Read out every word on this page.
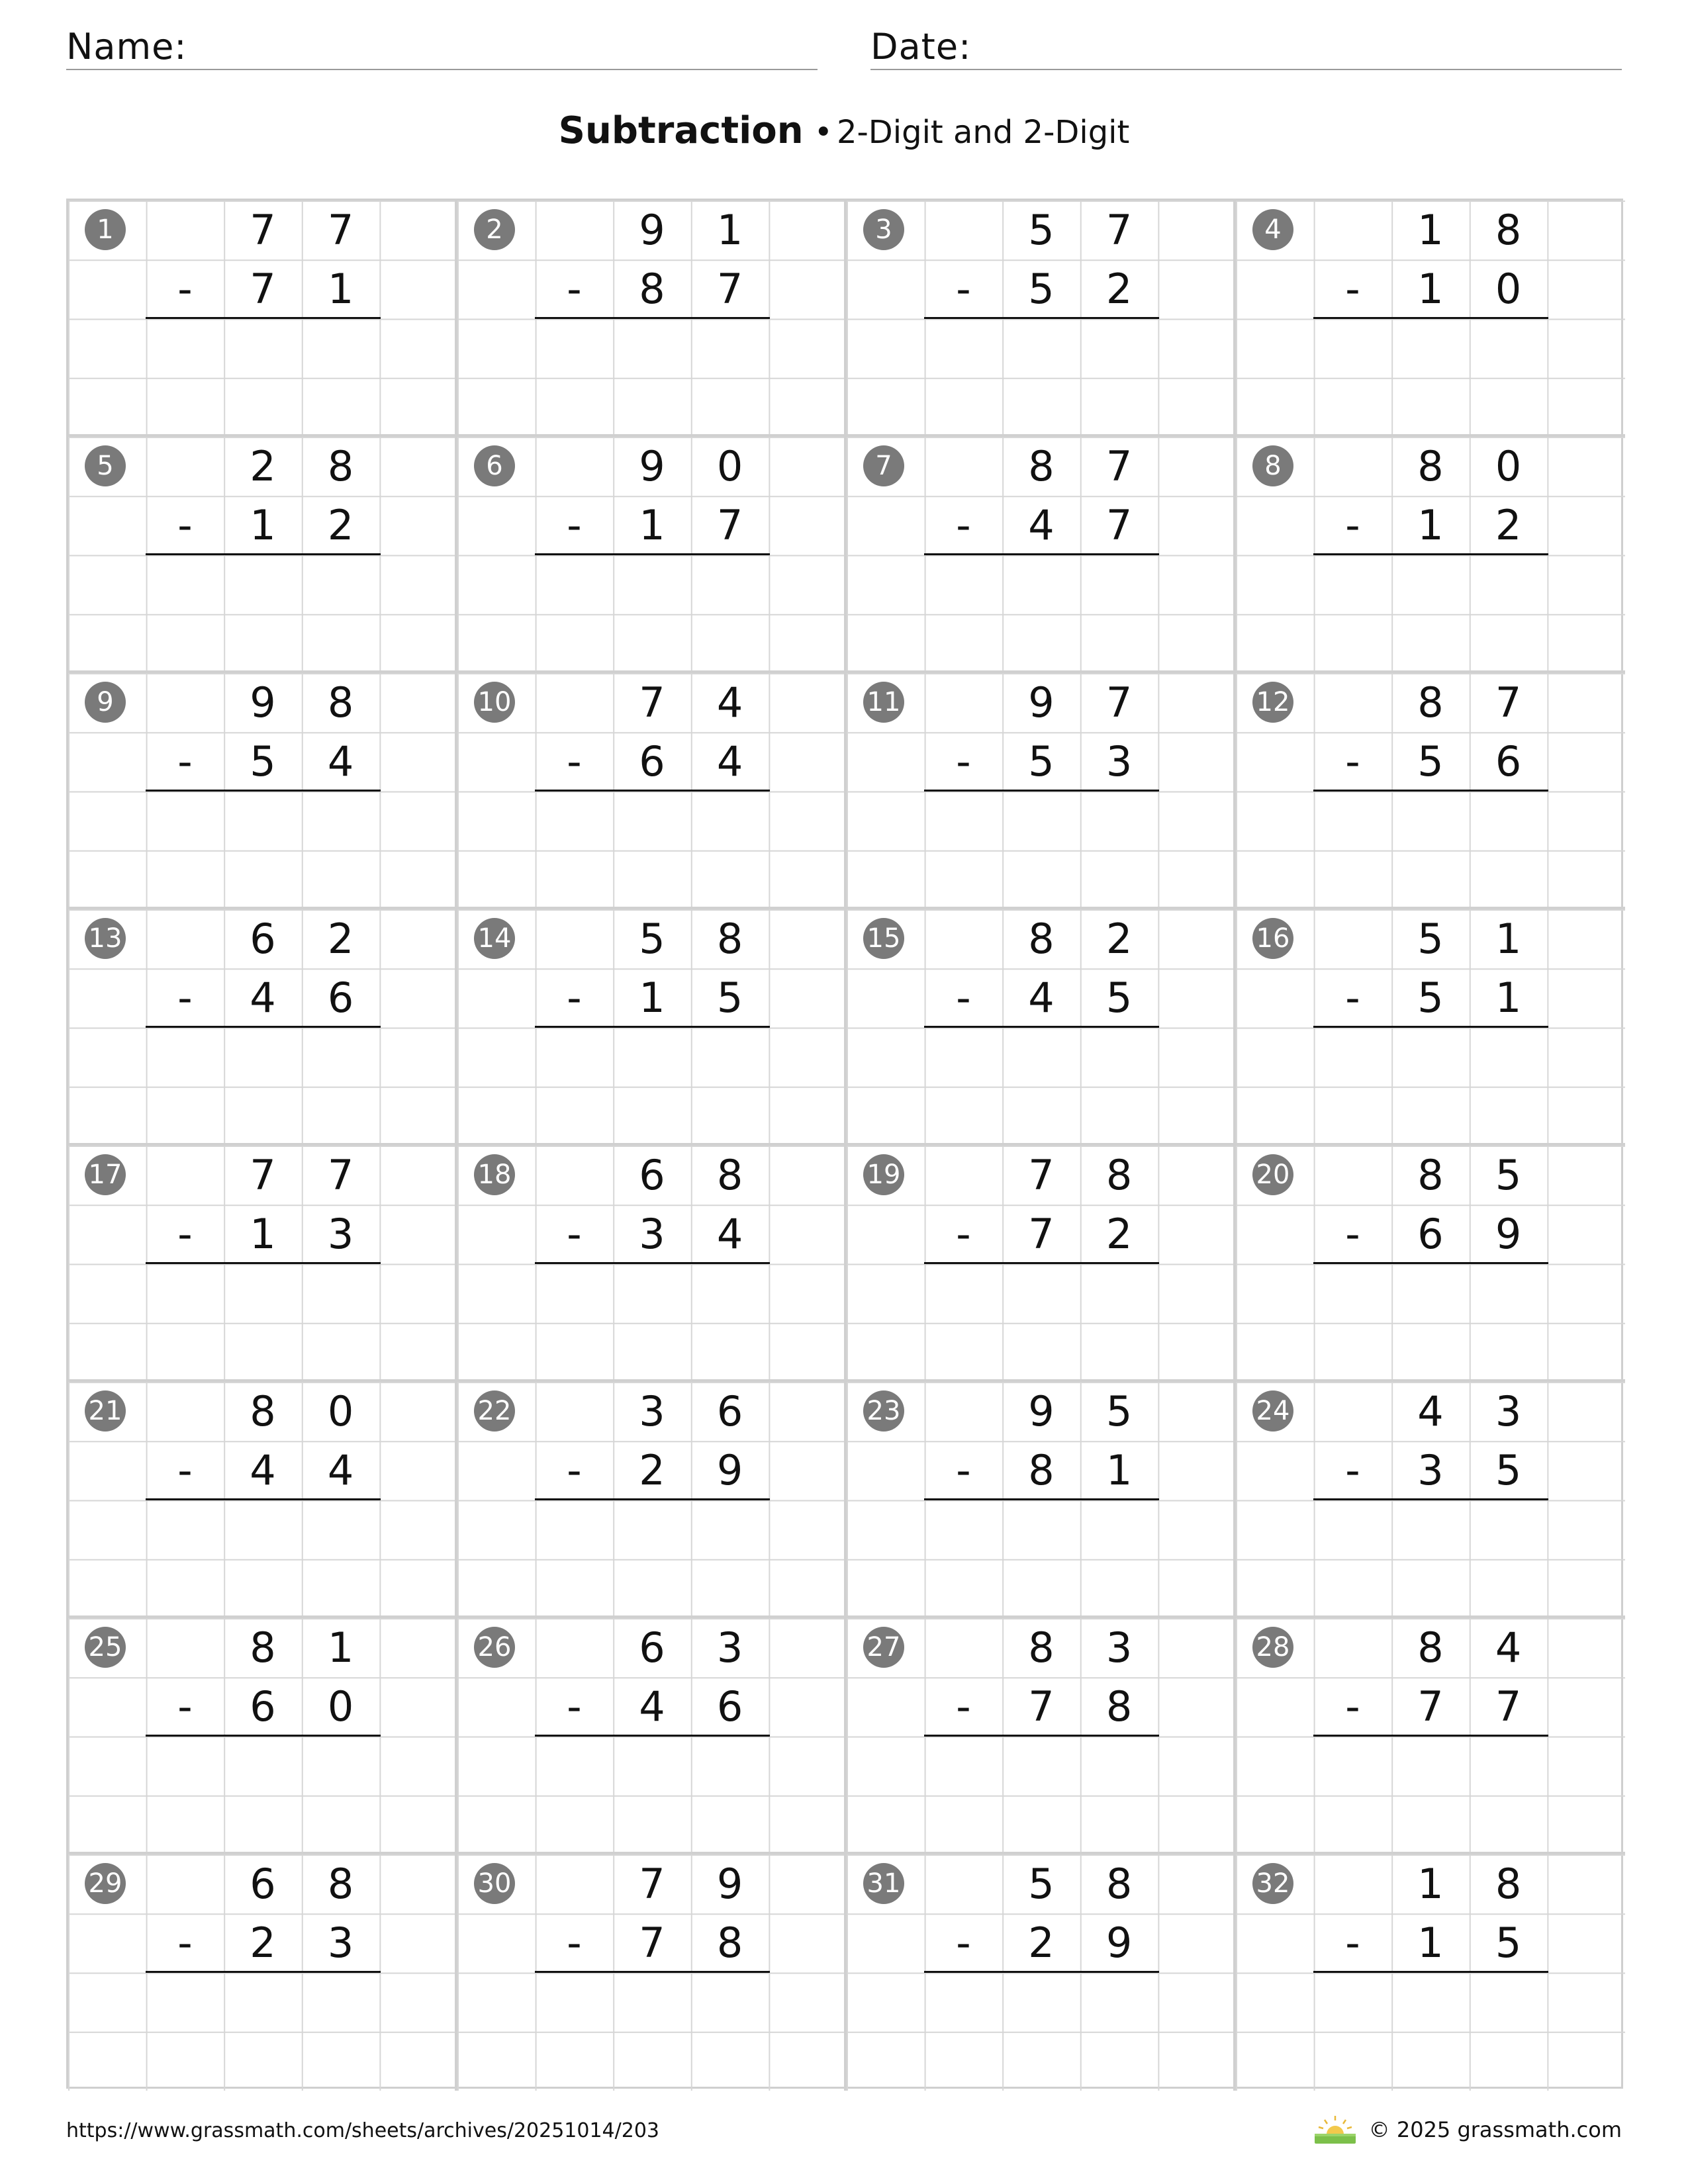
Name:	Date:
Subtraction • 2-Digit and 2-Digit
1	7	7
-	7	1
2	9	1
-	8	7
3	5	7
-	5	2
4	1	8
-	1	0
5	2	8
-	1	2
6	9	0
-	1	7
7	8	7
-	4	7
8	8	0
-	1	2
9	9	8
-	5	4
10	7	4
-	6	4
11	9	7
-	5	3
12	8	7
-	5	6
13	6	2
-	4	6
14	5	8
-	1	5
15	8	2
-	4	5
16	5	1
-	5	1
17	7	7
-	1	3
18	6	8
-	3	4
19	7	8
-	7	2
20	8	5
-	6	9
21	8	0
-	4	4
22	3	6
-	2	9
23	9	5
-	8	1
24	4	3
-	3	5
25	8	1
-	6	0
26	6	3
-	4	6
27	8	3
-	7	8
28	8	4
-	7	7
29	6	8
-	2	3
30	7	9
-	7	8
31	5	8
-	2	9
32	1	8
-	1	5
https://www.grassmath.com/sheets/archives/20251014/203	© 2025 grassmath.com
